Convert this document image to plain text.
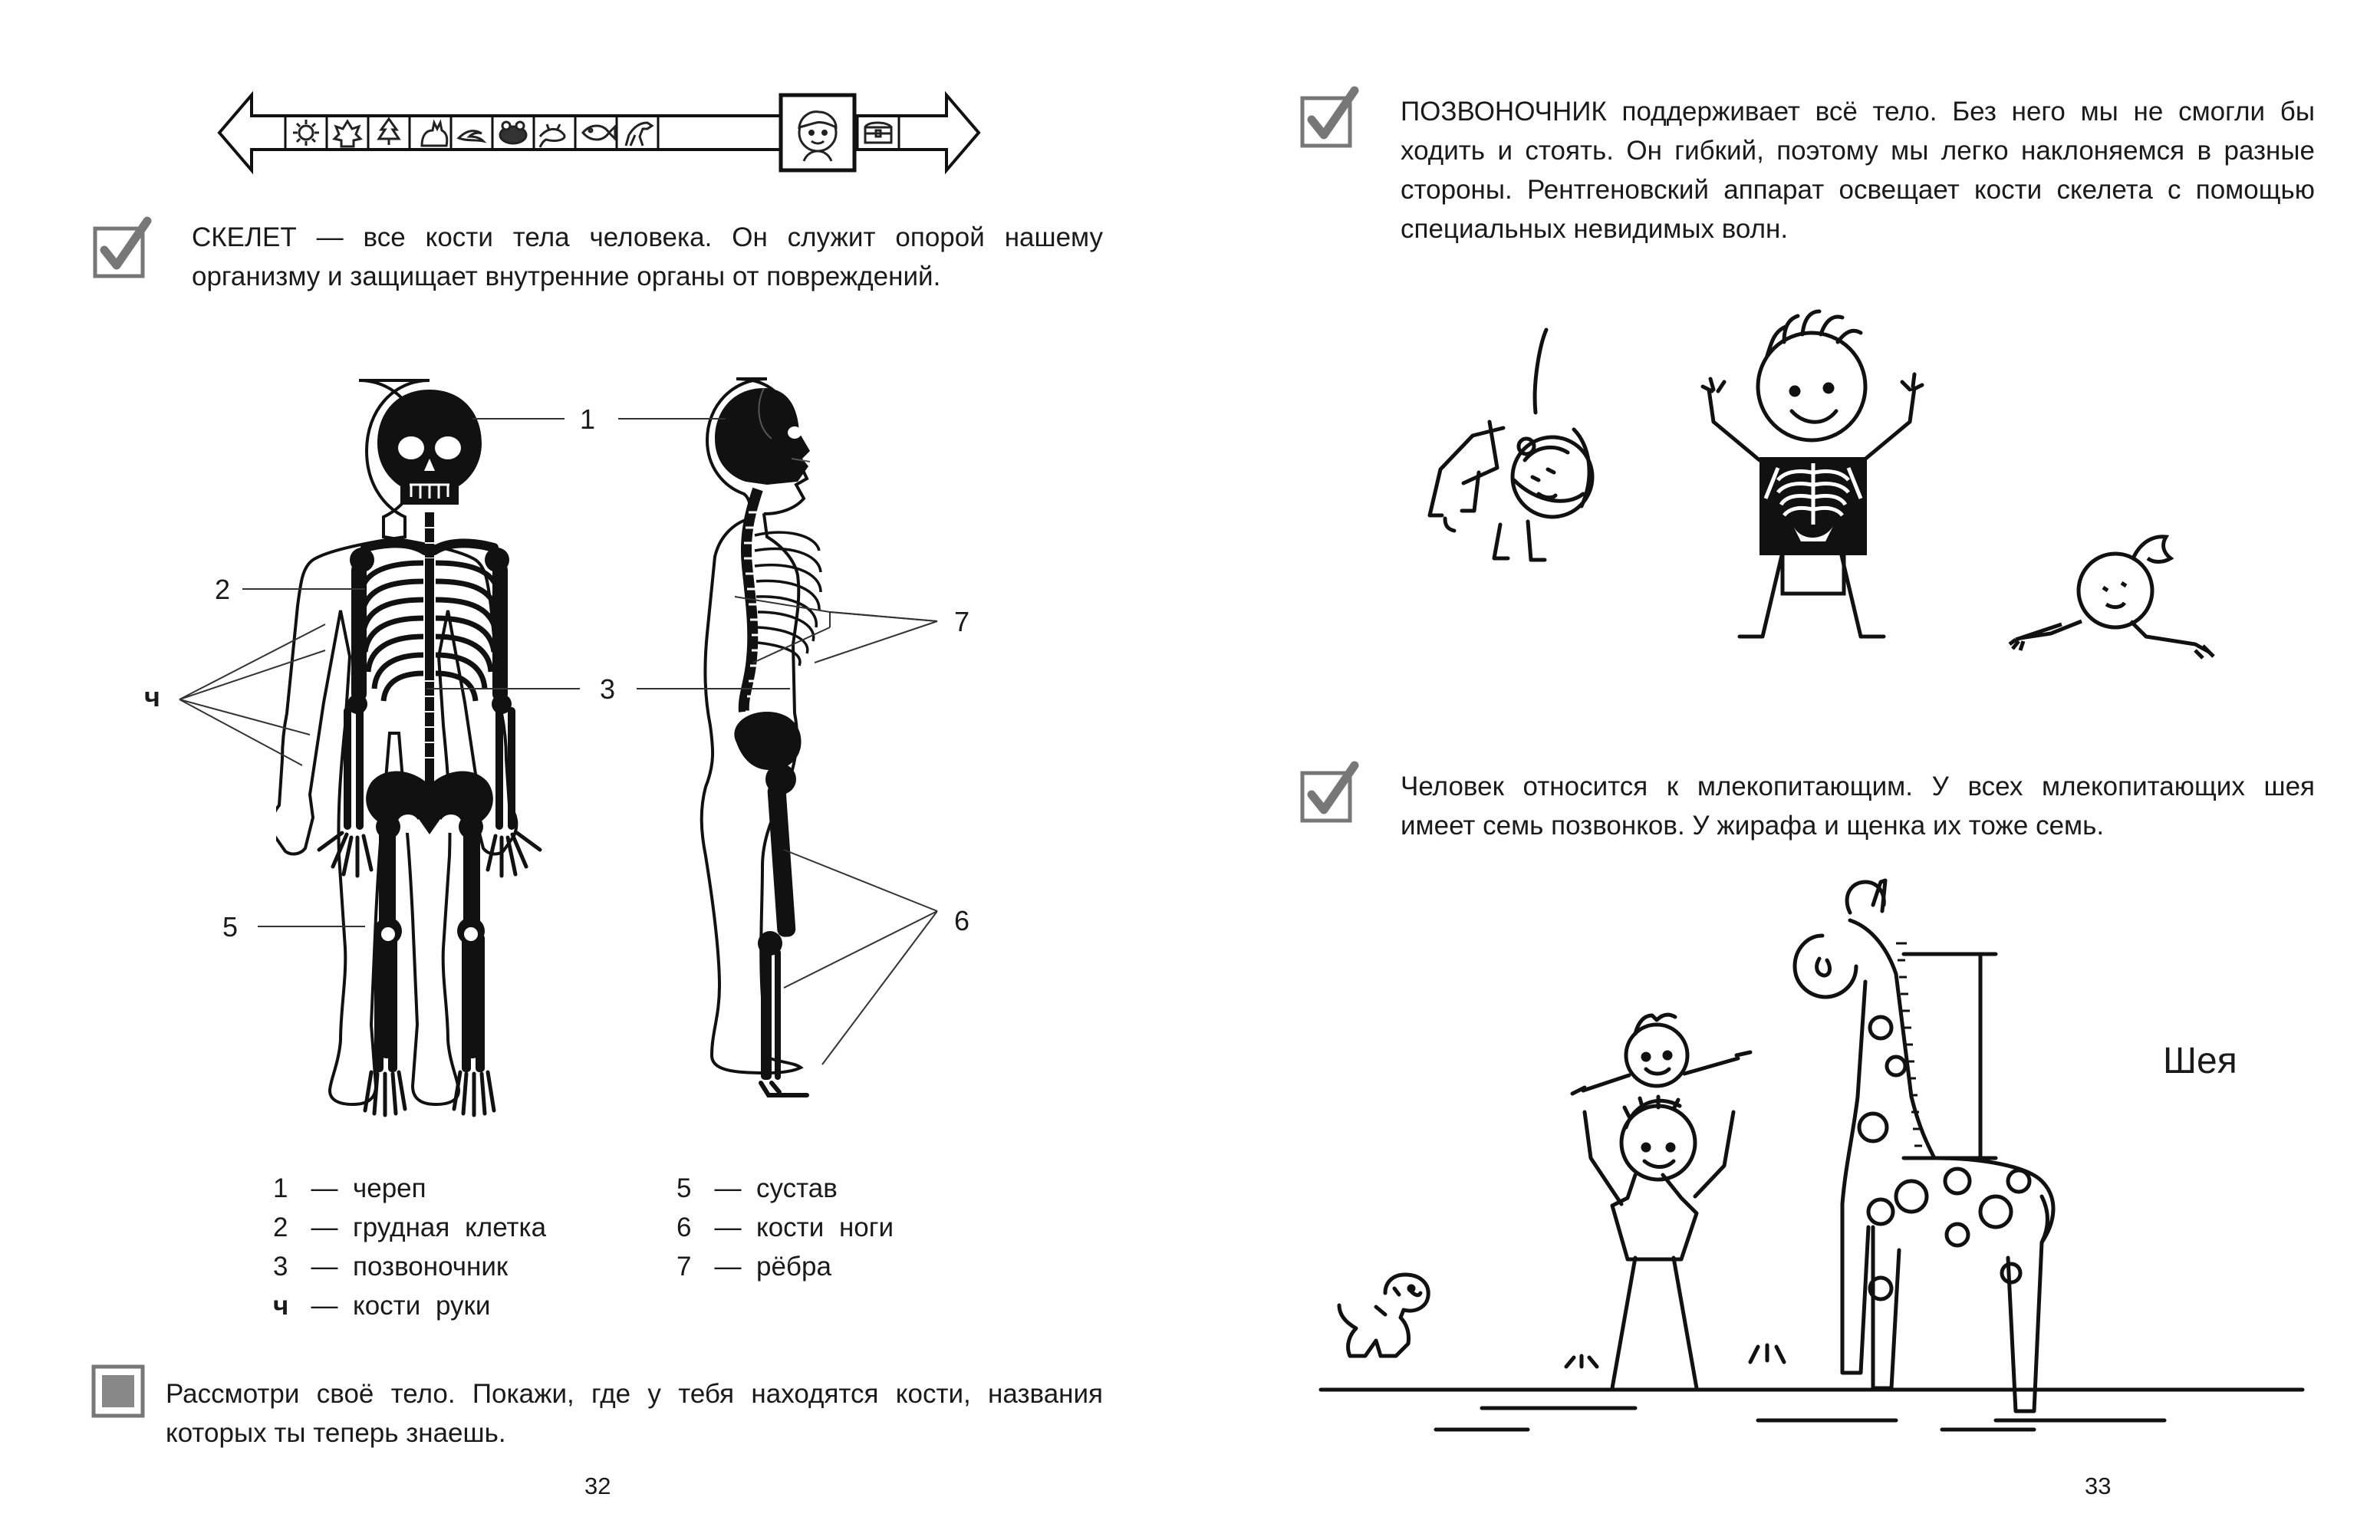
СКЕЛЕТ — все кости тела человека. Он служит опорой нашему организму и защищает внутренние органы от повреждений.
1
2
ч	3
5
7
6
1 — череп
2 — грудная клетка
3 — позвоночник
ч — кости руки
5 — сустав
6 — кости ноги
7 — рёбра
Рассмотри своё тело. Покажи, где у тебя находятся кости, названия которых ты теперь знаешь.
32
ПОЗВОНОЧНИК поддерживает всё тело. Без него мы не смогли бы ходить и стоять. Он гибкий, поэтому мы легко наклоняемся в разные стороны. Рентгеновский аппарат освещает кости скелета с помощью специальных невидимых волн.
Человек относится к млекопитающим. У всех млекопитающих шея имеет семь позвонков. У жирафа и щенка их тоже семь.
Шея
33
